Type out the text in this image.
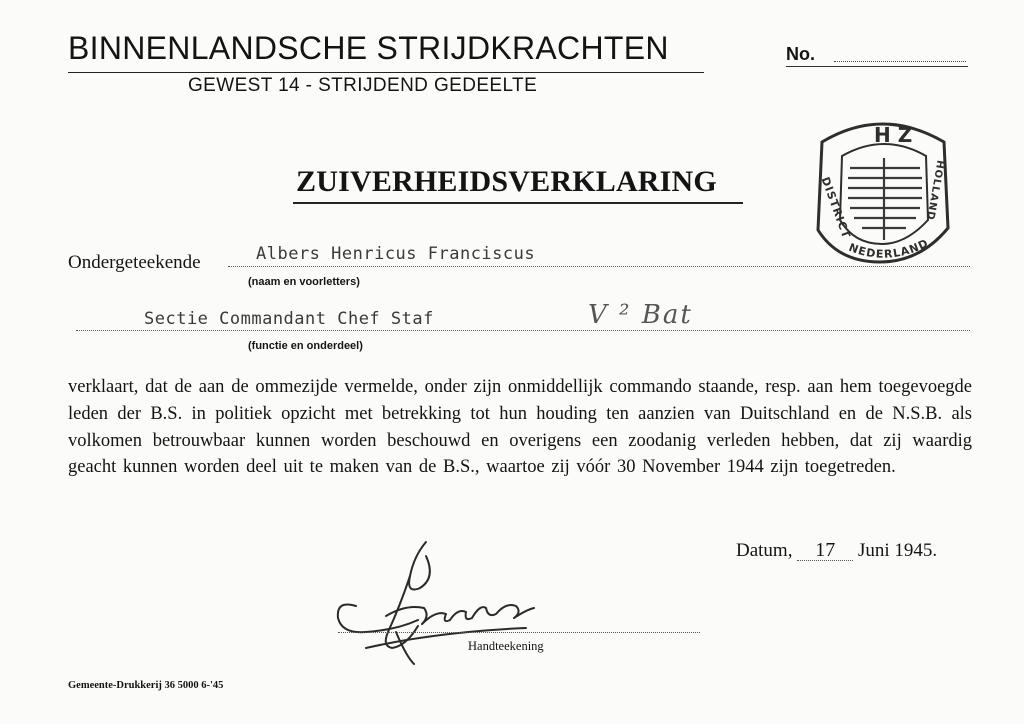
BINNENLANDSCHE STRIJDKRACHTEN
GEWEST 14 - STRIJDEND GEDEELTE
No.
H Z
DISTRICT
NEDERLAND
HOLLAND
ZUIVERHEIDSVERKLARING
Ondergeteekende	Albers Henricus Franciscus
(naam en voorletters)
Sectie Commandant Chef Staf	V ² Bat
(functie en onderdeel)
verklaart, dat de aan de ommezijde vermelde, onder zijn onmiddellijk commando staande, resp. aan hem toegevoegde leden der B.S. in politiek opzicht met betrekking tot hun houding ten aanzien van Duitschland en de N.S.B. als volkomen betrouwbaar kunnen worden beschouwd en overigens een zoodanig verleden hebben, dat zij waardig geacht kunnen worden deel uit te maken van de B.S., waartoe zij vóór 30 November 1944 zijn toegetreden.
Datum, 17 Juni 1945.
Handteekening
Gemeente-Drukkerij 36 5000 6-'45
